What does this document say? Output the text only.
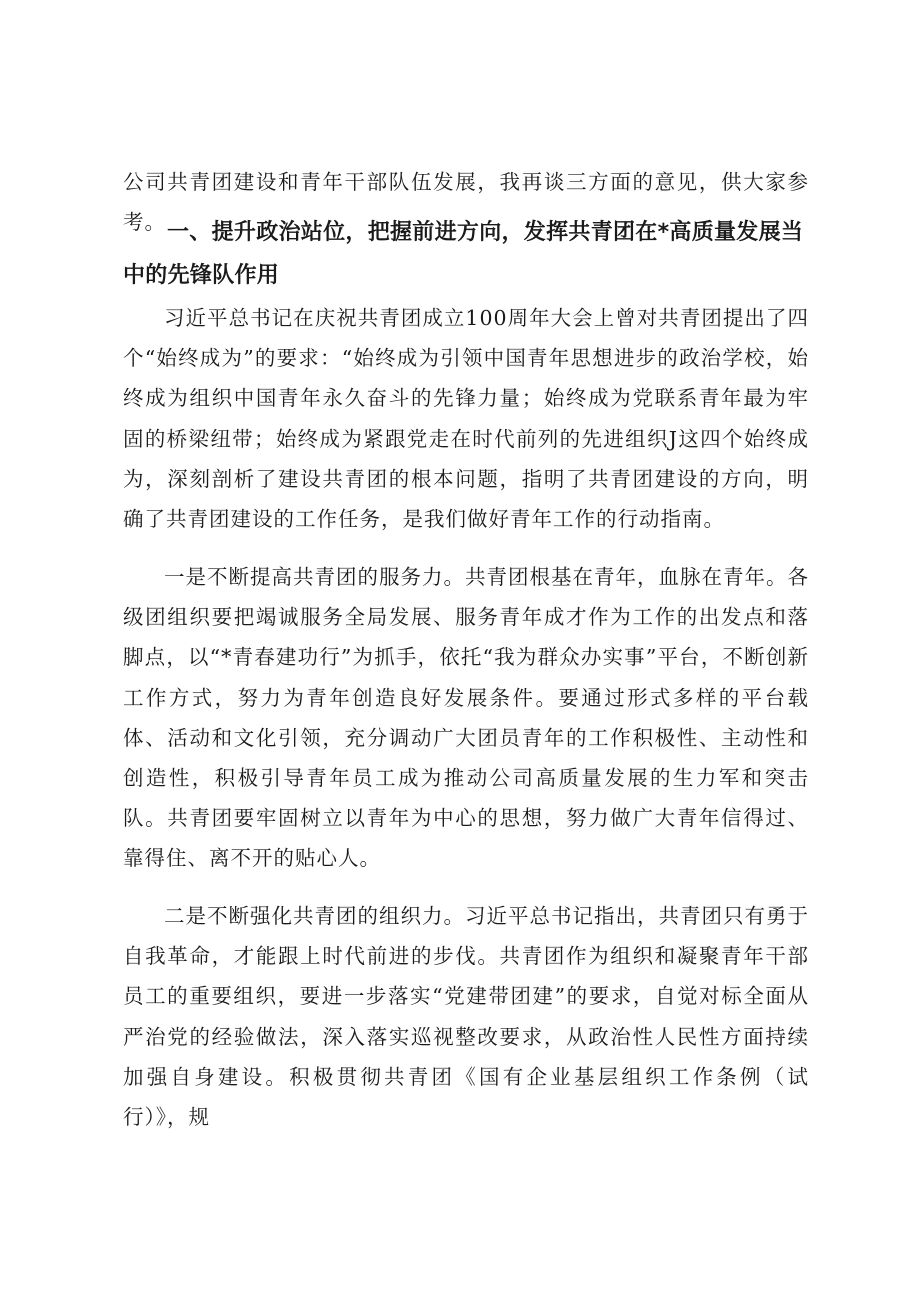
公司共青团建设和青年干部队伍发展，我再谈三方面的意见，供大家参考。 一、提升政治站位，把握前进方向，发挥共青团在*高质量发展当中的先锋队作用

习近平总书记在庆祝共青团成立100周年大会上曾对共青团提出了四个“始终成为”的要求：“始终成为引领中国青年思想进步的政治学校，始终成为组织中国青年永久奋斗的先锋力量；始终成为党联系青年最为牢固的桥梁纽带；始终成为紧跟党走在时代前列的先进组织J这四个始终成为，深刻剖析了建设共青团的根本问题，指明了共青团建设的方向，明确了共青团建设的工作任务，是我们做好青年工作的行动指南。

一是不断提高共青团的服务力。共青团根基在青年，血脉在青年。各级团组织要把竭诚服务全局发展、服务青年成才作为工作的出发点和落脚点，以“*青春建功行”为抓手，依托“我为群众办实事”平台，不断创新工作方式，努力为青年创造良好发展条件。要通过形式多样的平台载体、活动和文化引领，充分调动广大团员青年的工作积极性、主动性和创造性，积极引导青年员工成为推动公司高质量发展的生力军和突击队。共青团要牢固树立以青年为中心的思想，努力做广大青年信得过、靠得住、离不开的贴心人。

二是不断强化共青团的组织力。习近平总书记指出，共青团只有勇于自我革命，才能跟上时代前进的步伐。共青团作为组织和凝聚青年干部员工的重要组织，要进一步落实“党建带团建”的要求，自觉对标全面从严治党的经验做法，深入落实巡视整改要求，从政治性人民性方面持续加强自身建设。积极贯彻共青团《国有企业基层组织工作条例（试行）》，规
